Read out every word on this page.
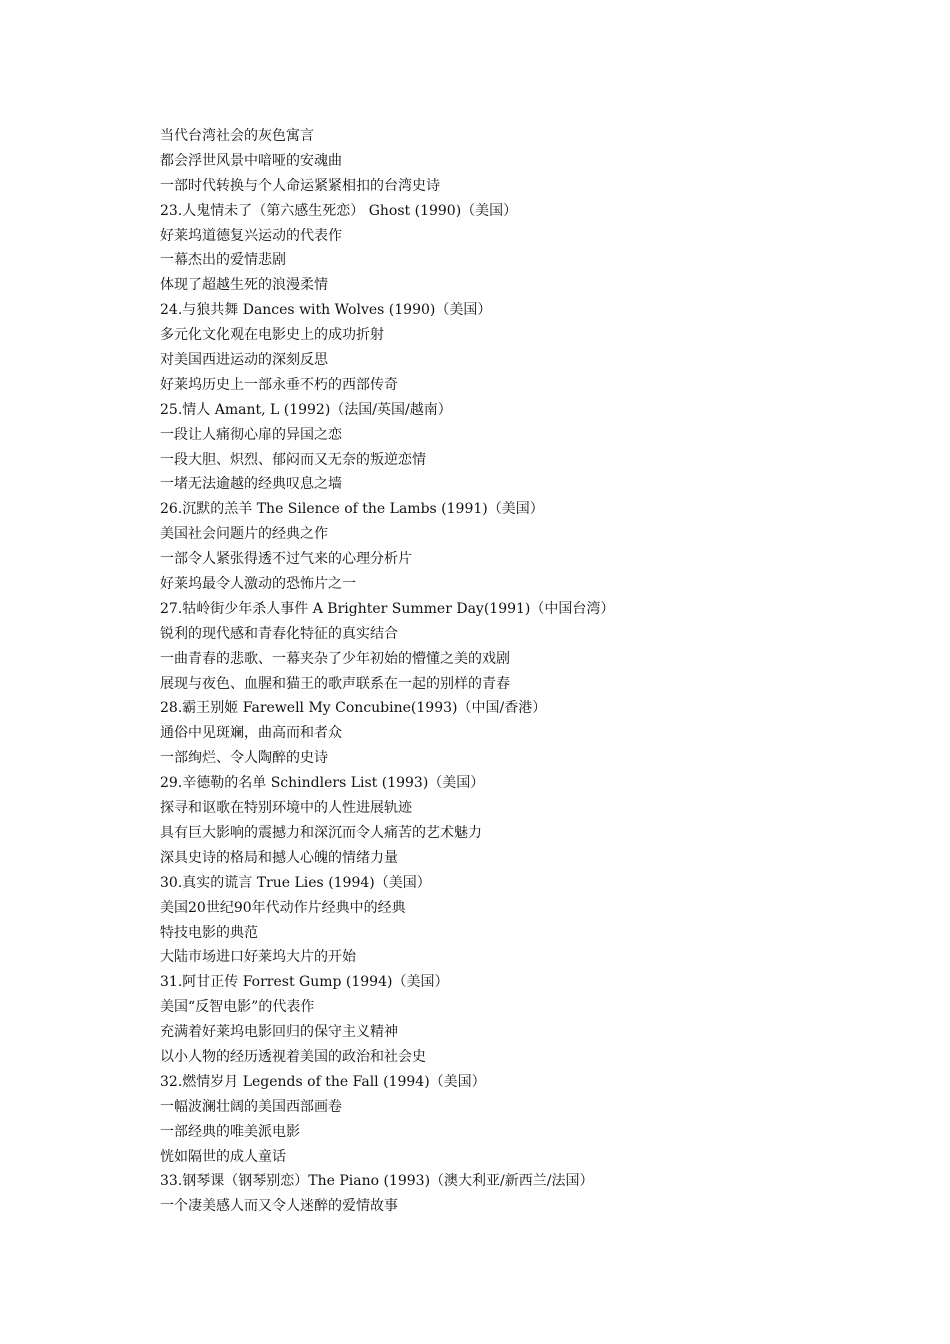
当代台湾社会的灰色寓言
都会浮世风景中喑哑的安魂曲
一部时代转换与个人命运紧紧相扣的台湾史诗
23.人鬼情未了（第六感生死恋） Ghost (1990)（美国）
好莱坞道德复兴运动的代表作
一幕杰出的爱情悲剧
体现了超越生死的浪漫柔情
24.与狼共舞 Dances with Wolves (1990)（美国）
多元化文化观在电影史上的成功折射
对美国西进运动的深刻反思
好莱坞历史上一部永垂不朽的西部传奇
25.情人 Amant, L (1992)（法国/英国/越南）
一段让人痛彻心扉的异国之恋
一段大胆、炽烈、郁闷而又无奈的叛逆恋情
一堵无法逾越的经典叹息之墙
26.沉默的羔羊 The Silence of the Lambs (1991)（美国）
美国社会问题片的经典之作
一部令人紧张得透不过气来的心理分析片
好莱坞最令人激动的恐怖片之一
27.牯岭街少年杀人事件 A Brighter Summer Day(1991)（中国台湾）
锐利的现代感和青春化特征的真实结合
一曲青春的悲歌、一幕夹杂了少年初始的懵懂之美的戏剧
展现与夜色、血腥和猫王的歌声联系在一起的别样的青春
28.霸王别姬 Farewell My Concubine(1993)（中国/香港）
通俗中见斑斓，曲高而和者众
一部绚烂、令人陶醉的史诗
29.辛德勒的名单 Schindlers List (1993)（美国）
探寻和讴歌在特别环境中的人性进展轨迹
具有巨大影响的震撼力和深沉而令人痛苦的艺术魅力
深具史诗的格局和撼人心魄的情绪力量
30.真实的谎言 True Lies (1994)（美国）
美国20世纪90年代动作片经典中的经典
特技电影的典范
大陆市场进口好莱坞大片的开始
31.阿甘正传 Forrest Gump (1994)（美国）
美国“反智电影”的代表作
充满着好莱坞电影回归的保守主义精神
以小人物的经历透视着美国的政治和社会史
32.燃情岁月 Legends of the Fall (1994)（美国）
一幅波澜壮阔的美国西部画卷
一部经典的唯美派电影
恍如隔世的成人童话
33.钢琴课（钢琴别恋）The Piano (1993)（澳大利亚/新西兰/法国）
一个凄美感人而又令人迷醉的爱情故事
